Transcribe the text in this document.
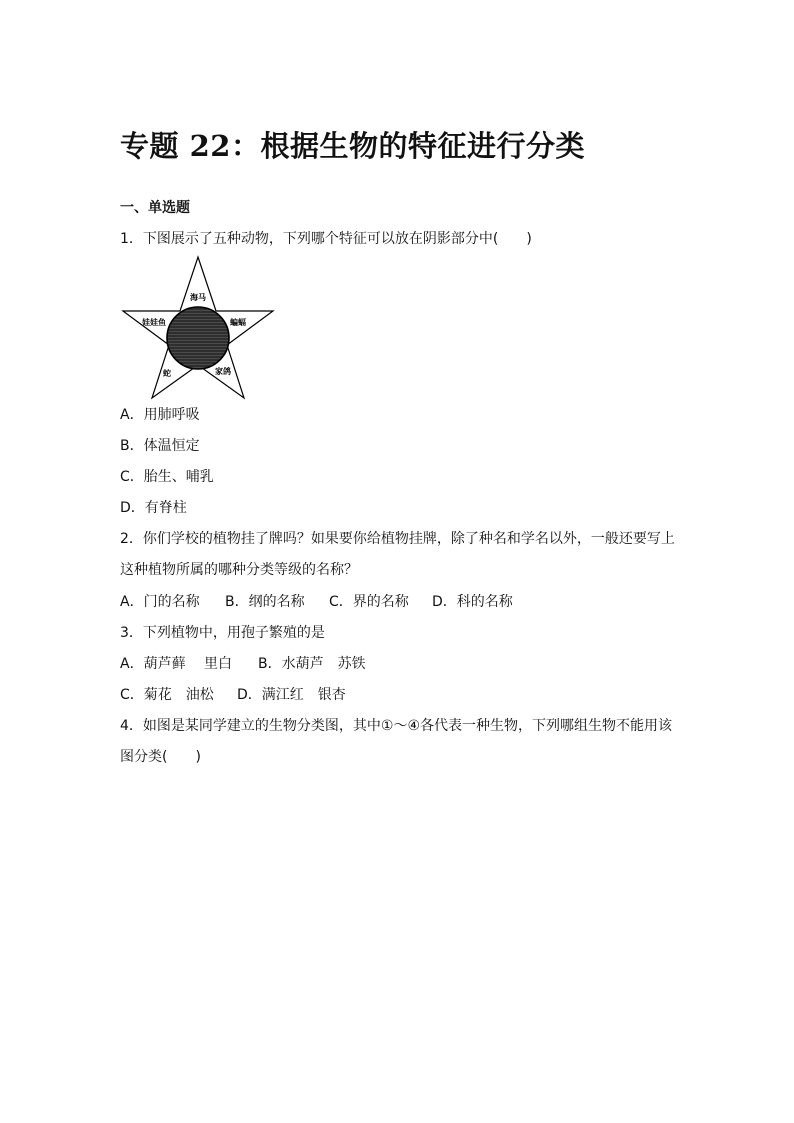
专题 22：根据生物的特征进行分类
一、单选题
1．下图展示了五种动物，下列哪个特征可以放在阴影部分中(　　)
海马
娃娃鱼	蝙蝠
蛇	家鸽
A．用肺呼吸
B．体温恒定
C．胎生、哺乳
D．有脊柱
2．你们学校的植物挂了牌吗？如果要你给植物挂牌，除了种名和学名以外，一般还要写上
这种植物所属的哪种分类等级的名称？
A．门的名称 B．纲的名称 C．界的名称 D．科的名称
3．下列植物中，用孢子繁殖的是
A．葫芦藓　 里白 B．水葫芦　苏铁
C．菊花　油松 D．满江红　银杏
4．如图是某同学建立的生物分类图，其中①～④各代表一种生物，下列哪组生物不能用该
图分类(　　)
